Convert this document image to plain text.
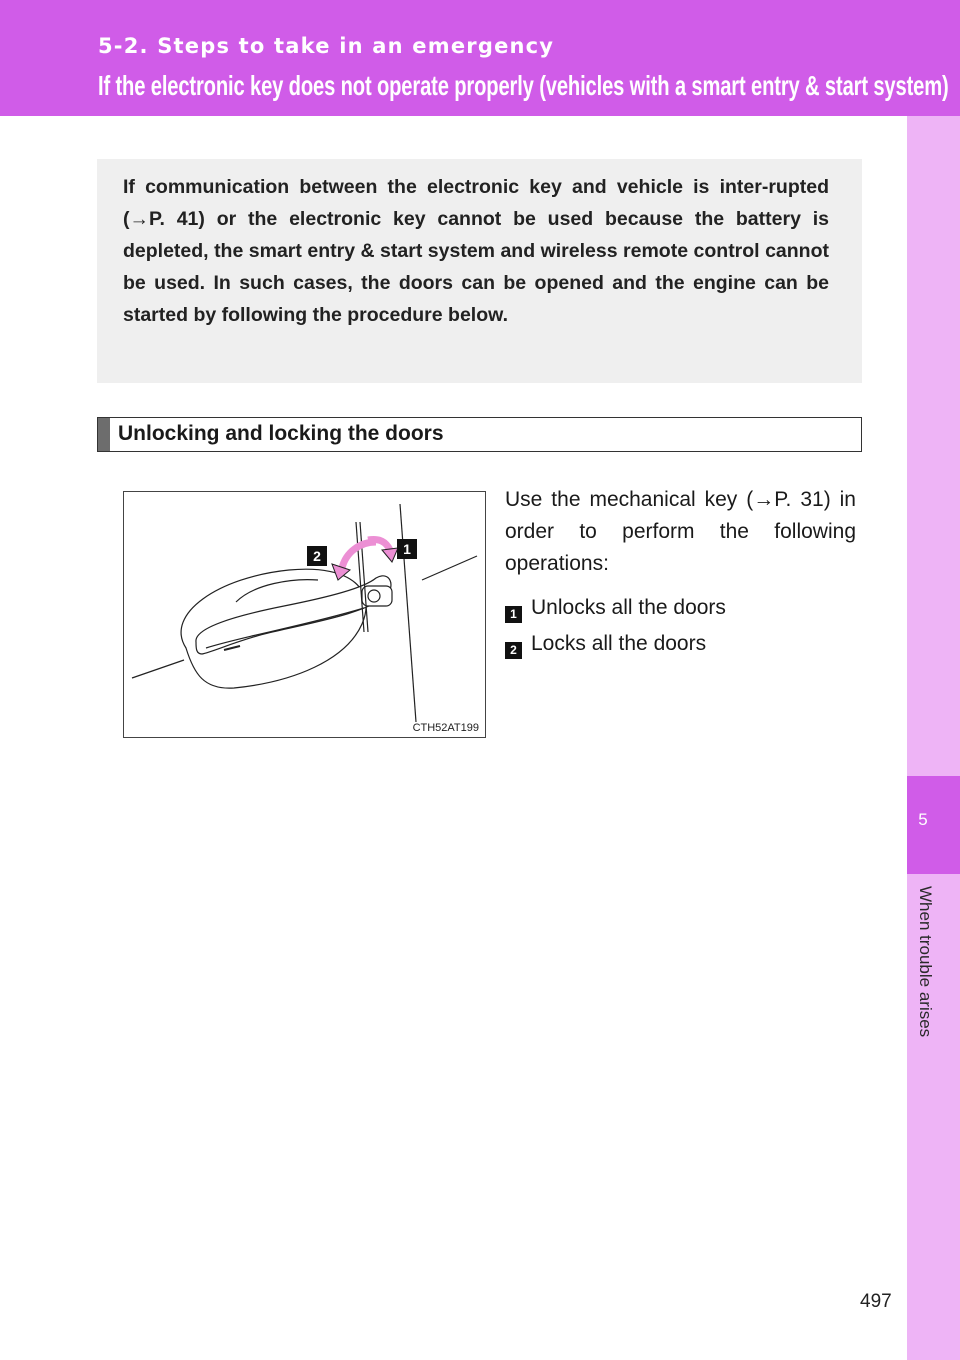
5-2. Steps to take in an emergency
If the electronic key does not operate properly (vehicles with a smart entry & start system)
5
When trouble arises

If communication between the electronic key and vehicle is inter-rupted (→P. 41) or the electronic key cannot be used because the battery is depleted, the smart entry & start system and wireless remote control cannot be used. In such cases, the doors can be opened and the engine can be started by following the procedure below.

Unlocking and locking the doors
2	1
CTH52AT199

Use the mechanical key (→P. 31) in order to perform the following operations:

1 Unlocks all the doors
2 Locks all the doors
497
